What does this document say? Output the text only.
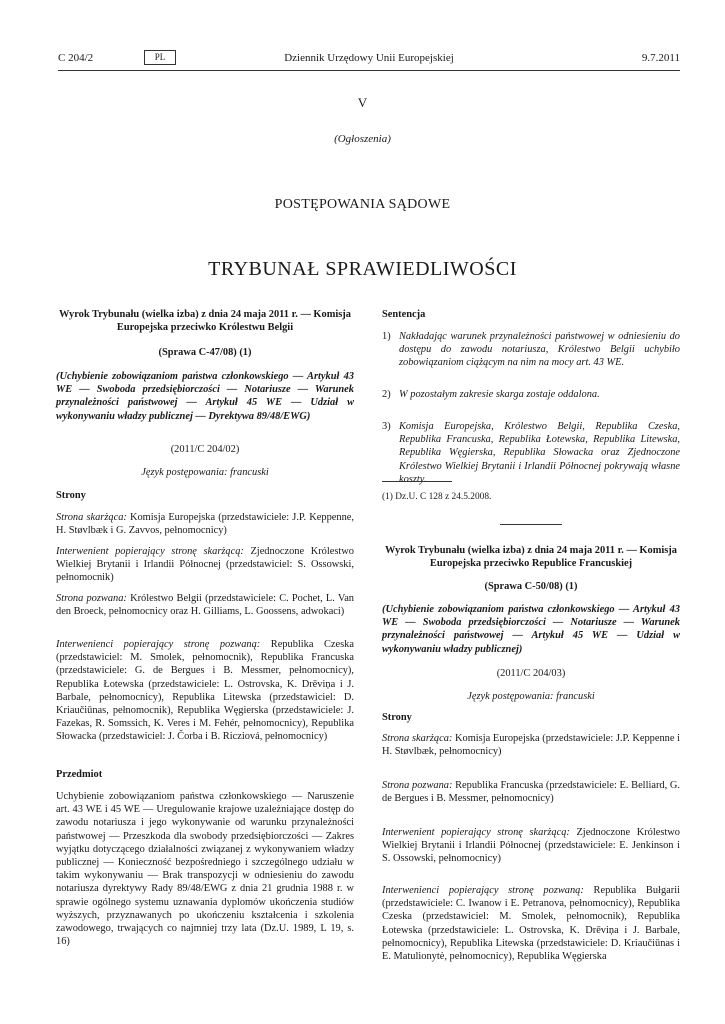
C 204/2	PL	Dziennik Urzędowy Unii Europejskiej	9.7.2011
V
(Ogłoszenia)
POSTĘPOWANIA SĄDOWE
TRYBUNAŁ SPRAWIEDLIWOŚCI

Wyrok Trybunału (wielka izba) z dnia 24 maja 2011 r. — Komisja Europejska przeciwko Królestwu Belgii

(Sprawa C-47/08) (1)

(Uchybienie zobowiązaniom państwa członkowskiego — Artykuł 43 WE — Swoboda przedsiębiorczości — Notariusze — Warunek przynależności państwowej — Artykuł 45 WE — Udział w wykonywaniu władzy publicznej — Dyrektywa 89/48/EWG)

(2011/C 204/02)

Język postępowania: francuski

Strony

Strona skarżąca: Komisja Europejska (przedstawiciele: J.P. Keppenne, H. Støvlbæk i G. Zavvos, pełnomocnicy)

Interwenient popierający stronę skarżącą: Zjednoczone Królestwo Wielkiej Brytanii i Irlandii Północnej (przedstawiciel: S. Ossowski, pełnomocnik)

Strona pozwana: Królestwo Belgii (przedstawiciele: C. Pochet, L. Van den Broeck, pełnomocnicy oraz H. Gilliams, L. Goossens, adwokaci)

Interwenienci popierający stronę pozwaną: Republika Czeska (przedstawiciel: M. Smolek, pełnomocnik), Republika Francuska (przedstawiciele: G. de Bergues i B. Messmer, pełnomocnicy), Republika Łotewska (przedstawiciele: L. Ostrovska, K. Drēviņa i J. Barbale, pełnomocnicy), Republika Litewska (przedstawiciel: D. Kriaučiūnas, pełnomocnik), Republika Węgierska (przedstawiciele: J. Fazekas, R. Somssich, K. Veres i M. Fehér, pełnomocnicy), Republika Słowacka (przedstawiciel: J. Čorba i B. Ricziová, pełnomocnicy)

Przedmiot

Uchybienie zobowiązaniom państwa członkowskiego — Naruszenie art. 43 WE i 45 WE — Uregulowanie krajowe uzależniające dostęp do zawodu notariusza i jego wykonywanie od warunku przynależności państwowej — Przeszkoda dla swobody przedsiębiorczości — Zakres wyjątku dotyczącego działalności związanej z wykonywaniem władzy publicznej — Konieczność bezpośredniego i szczególnego udziału w takim wykonywaniu — Brak transpozycji w odniesieniu do zawodu notariusza dyrektywy Rady 89/48/EWG z dnia 21 grudnia 1988 r. w sprawie ogólnego systemu uznawania dyplomów ukończenia studiów wyższych, przyznawanych po ukończeniu kształcenia i szkolenia zawodowego, trwających co najmniej trzy lata (Dz.U. 1989, L 19, s. 16)

Sentencja

1) Nakładając warunek przynależności państwowej w odniesieniu do dostępu do zawodu notariusza, Królestwo Belgii uchybiło zobowiązaniom ciążącym na nim na mocy art. 43 WE.

2) W pozostałym zakresie skarga zostaje oddalona.

3) Komisja Europejska, Królestwo Belgii, Republika Czeska, Republika Francuska, Republika Łotewska, Republika Litewska, Republika Węgierska, Republika Słowacka oraz Zjednoczone Królestwo Wielkiej Brytanii i Irlandii Północnej pokrywają własne koszty.

(1) Dz.U. C 128 z 24.5.2008.

Wyrok Trybunału (wielka izba) z dnia 24 maja 2011 r. — Komisja Europejska przeciwko Republice Francuskiej

(Sprawa C-50/08) (1)

(Uchybienie zobowiązaniom państwa członkowskiego — Artykuł 43 WE — Swoboda przedsiębiorczości — Notariusze — Warunek przynależności państwowej — Artykuł 45 WE — Udział w wykonywaniu władzy publicznej)

(2011/C 204/03)

Język postępowania: francuski

Strony

Strona skarżąca: Komisja Europejska (przedstawiciele: J.P. Keppenne i H. Støvlbæk, pełnomocnicy)

Strona pozwana: Republika Francuska (przedstawiciele: E. Belliard, G. de Bergues i B. Messmer, pełnomocnicy)

Interwenient popierający stronę skarżącą: Zjednoczone Królestwo Wielkiej Brytanii i Irlandii Północnej (przedstawiciele: E. Jenkinson i S. Ossowski, pełnomocnicy)

Interwenienci popierający stronę pozwaną: Republika Bułgarii (przedstawiciele: C. Iwanow i E. Petranova, pełnomocnicy), Republika Czeska (przedstawiciel: M. Smolek, pełnomocnik), Republika Łotewska (przedstawiciele: L. Ostrovska, K. Drēviņa i J. Barbale, pełnomocnicy), Republika Litewska (przedstawiciele: D. Kriaučiūnas i E. Matulionytė, pełnomocnicy), Republika Węgierska
